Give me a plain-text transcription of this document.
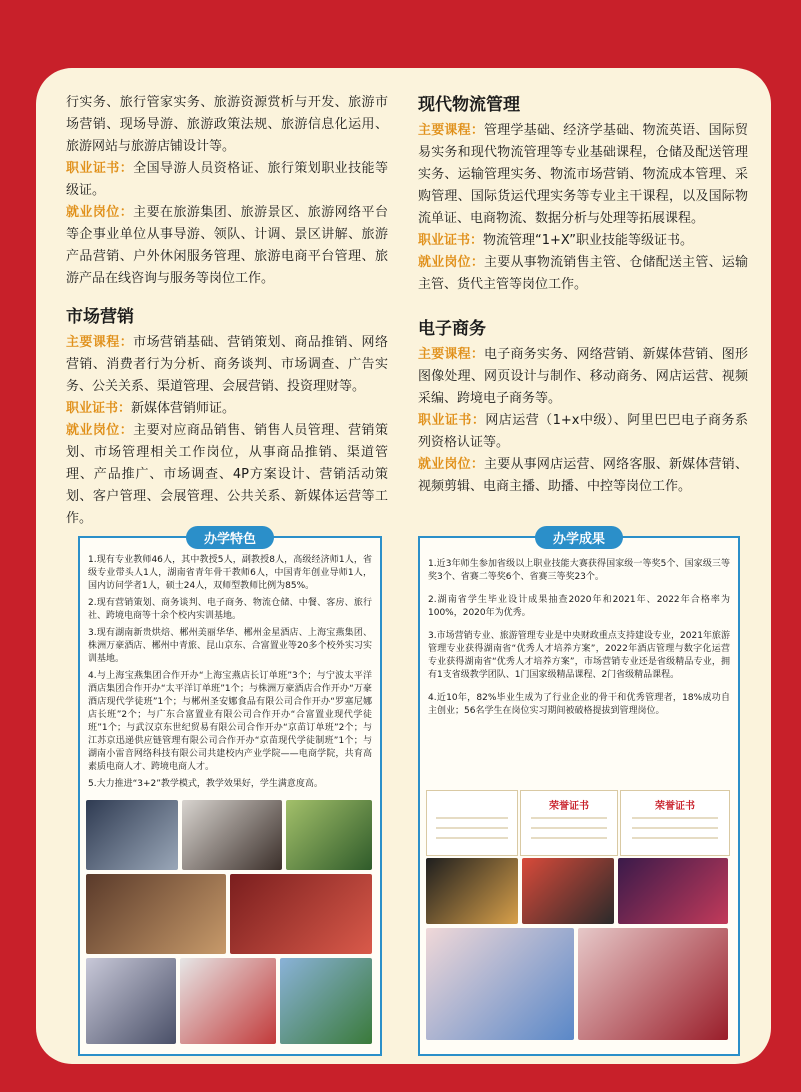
行实务、旅行管家实务、旅游资源赏析与开发、旅游市场营销、现场导游、旅游政策法规、旅游信息化运用、旅游网站与旅游店铺设计等。

职业证书：全国导游人员资格证、旅行策划职业技能等级证。

就业岗位：主要在旅游集团、旅游景区、旅游网络平台等企事业单位从事导游、领队、计调、景区讲解、旅游产品营销、户外休闲服务管理、旅游电商平台管理、旅游产品在线咨询与服务等岗位工作。

市场营销

主要课程：市场营销基础、营销策划、商品推销、网络营销、消费者行为分析、商务谈判、市场调查、广告实务、公关关系、渠道管理、会展营销、投资理财等。

职业证书：新媒体营销师证。

就业岗位：主要对应商品销售、销售人员管理、营销策划、市场管理相关工作岗位，从事商品推销、渠道管理、产品推广、市场调查、4P方案设计、营销活动策划、客户管理、会展管理、公共关系、新媒体运营等工作。

现代物流管理

主要课程：管理学基础、经济学基础、物流英语、国际贸易实务和现代物流管理等专业基础课程，仓储及配送管理实务、运输管理实务、物流市场营销、物流成本管理、采购管理、国际货运代理实务等专业主干课程，以及国际物流单证、电商物流、数据分析与处理等拓展课程。

职业证书：物流管理“1+X”职业技能等级证书。

就业岗位：主要从事物流销售主管、仓储配送主管、运输主管、货代主管等岗位工作。

电子商务

主要课程：电子商务实务、网络营销、新媒体营销、图形图像处理、网页设计与制作、移动商务、网店运营、视频采编、跨境电子商务等。

职业证书：网店运营（1+x中级）、阿里巴巴电子商务系列资格认证等。

就业岗位：主要从事网店运营、网络客服、新媒体营销、视频剪辑、电商主播、助播、中控等岗位工作。

办学特色

1.现有专业教师46人，其中教授5人，副教授8人，高级经济师1人，省级专业带头人1人，湖南省青年骨干教师6人，中国青年创业导师1人，国内访问学者1人，硕士24人，双师型教师比例为85%。

2.现有营销策划、商务谈判、电子商务、物流仓储、中餐、客房、旅行社、跨境电商等十余个校内实训基地。

3.现有湖南新贵烘焙、郴州美丽华华、郴州金星酒店、上海宝燕集团、株洲万豪酒店、郴州中青旅、昆山京东、合富置业等20多个校外实习实训基地。

4.与上海宝燕集团合作开办“上海宝燕店长订单班”3个；与宁波太平洋酒店集团合作开办“太平洋订单班”1个；与株洲万豪酒店合作开办“万豪酒店现代学徒班”1个；与郴州圣安娜食品有限公司合作开办“罗塞尼娜店长班”2个；与广东合富置业有限公司合作开办“合富置业现代学徒班”1个；与武汉京东世纪贸易有限公司合作开办“京苗订单班”2个；与江苏京迅递供应链管理有限公司合作开办“京苗现代学徒制班”1个；与湖南小雷音网络科技有限公司共建校内产业学院——电商学院，共育高素质电商人才、跨境电商人才。

5.大力推进“3+2”教学模式，教学效果好，学生满意度高。

办学成果

1.近3年师生参加省级以上职业技能大赛获得国家级一等奖5个、国家级三等奖3个、省赛二等奖6个、省赛三等奖23个。

2.湖南省学生毕业设计成果抽查2020年和2021年、2022年合格率为100%，2020年为优秀。

3.市场营销专业、旅游管理专业是中央财政重点支持建设专业，2021年旅游管理专业获得湖南省“优秀人才培养方案”，2022年酒店管理与数字化运营专业获得湖南省“优秀人才培养方案”，市场营销专业还是省级精品专业，拥有1支省级教学团队、1门国家级精品课程、2门省级精品课程。

4.近10年，82%毕业生成为了行业企业的骨干和优秀管理者，18%成功自主创业；56名学生在岗位实习期间被破格提拔到管理岗位。

荣誉证书	荣誉证书
